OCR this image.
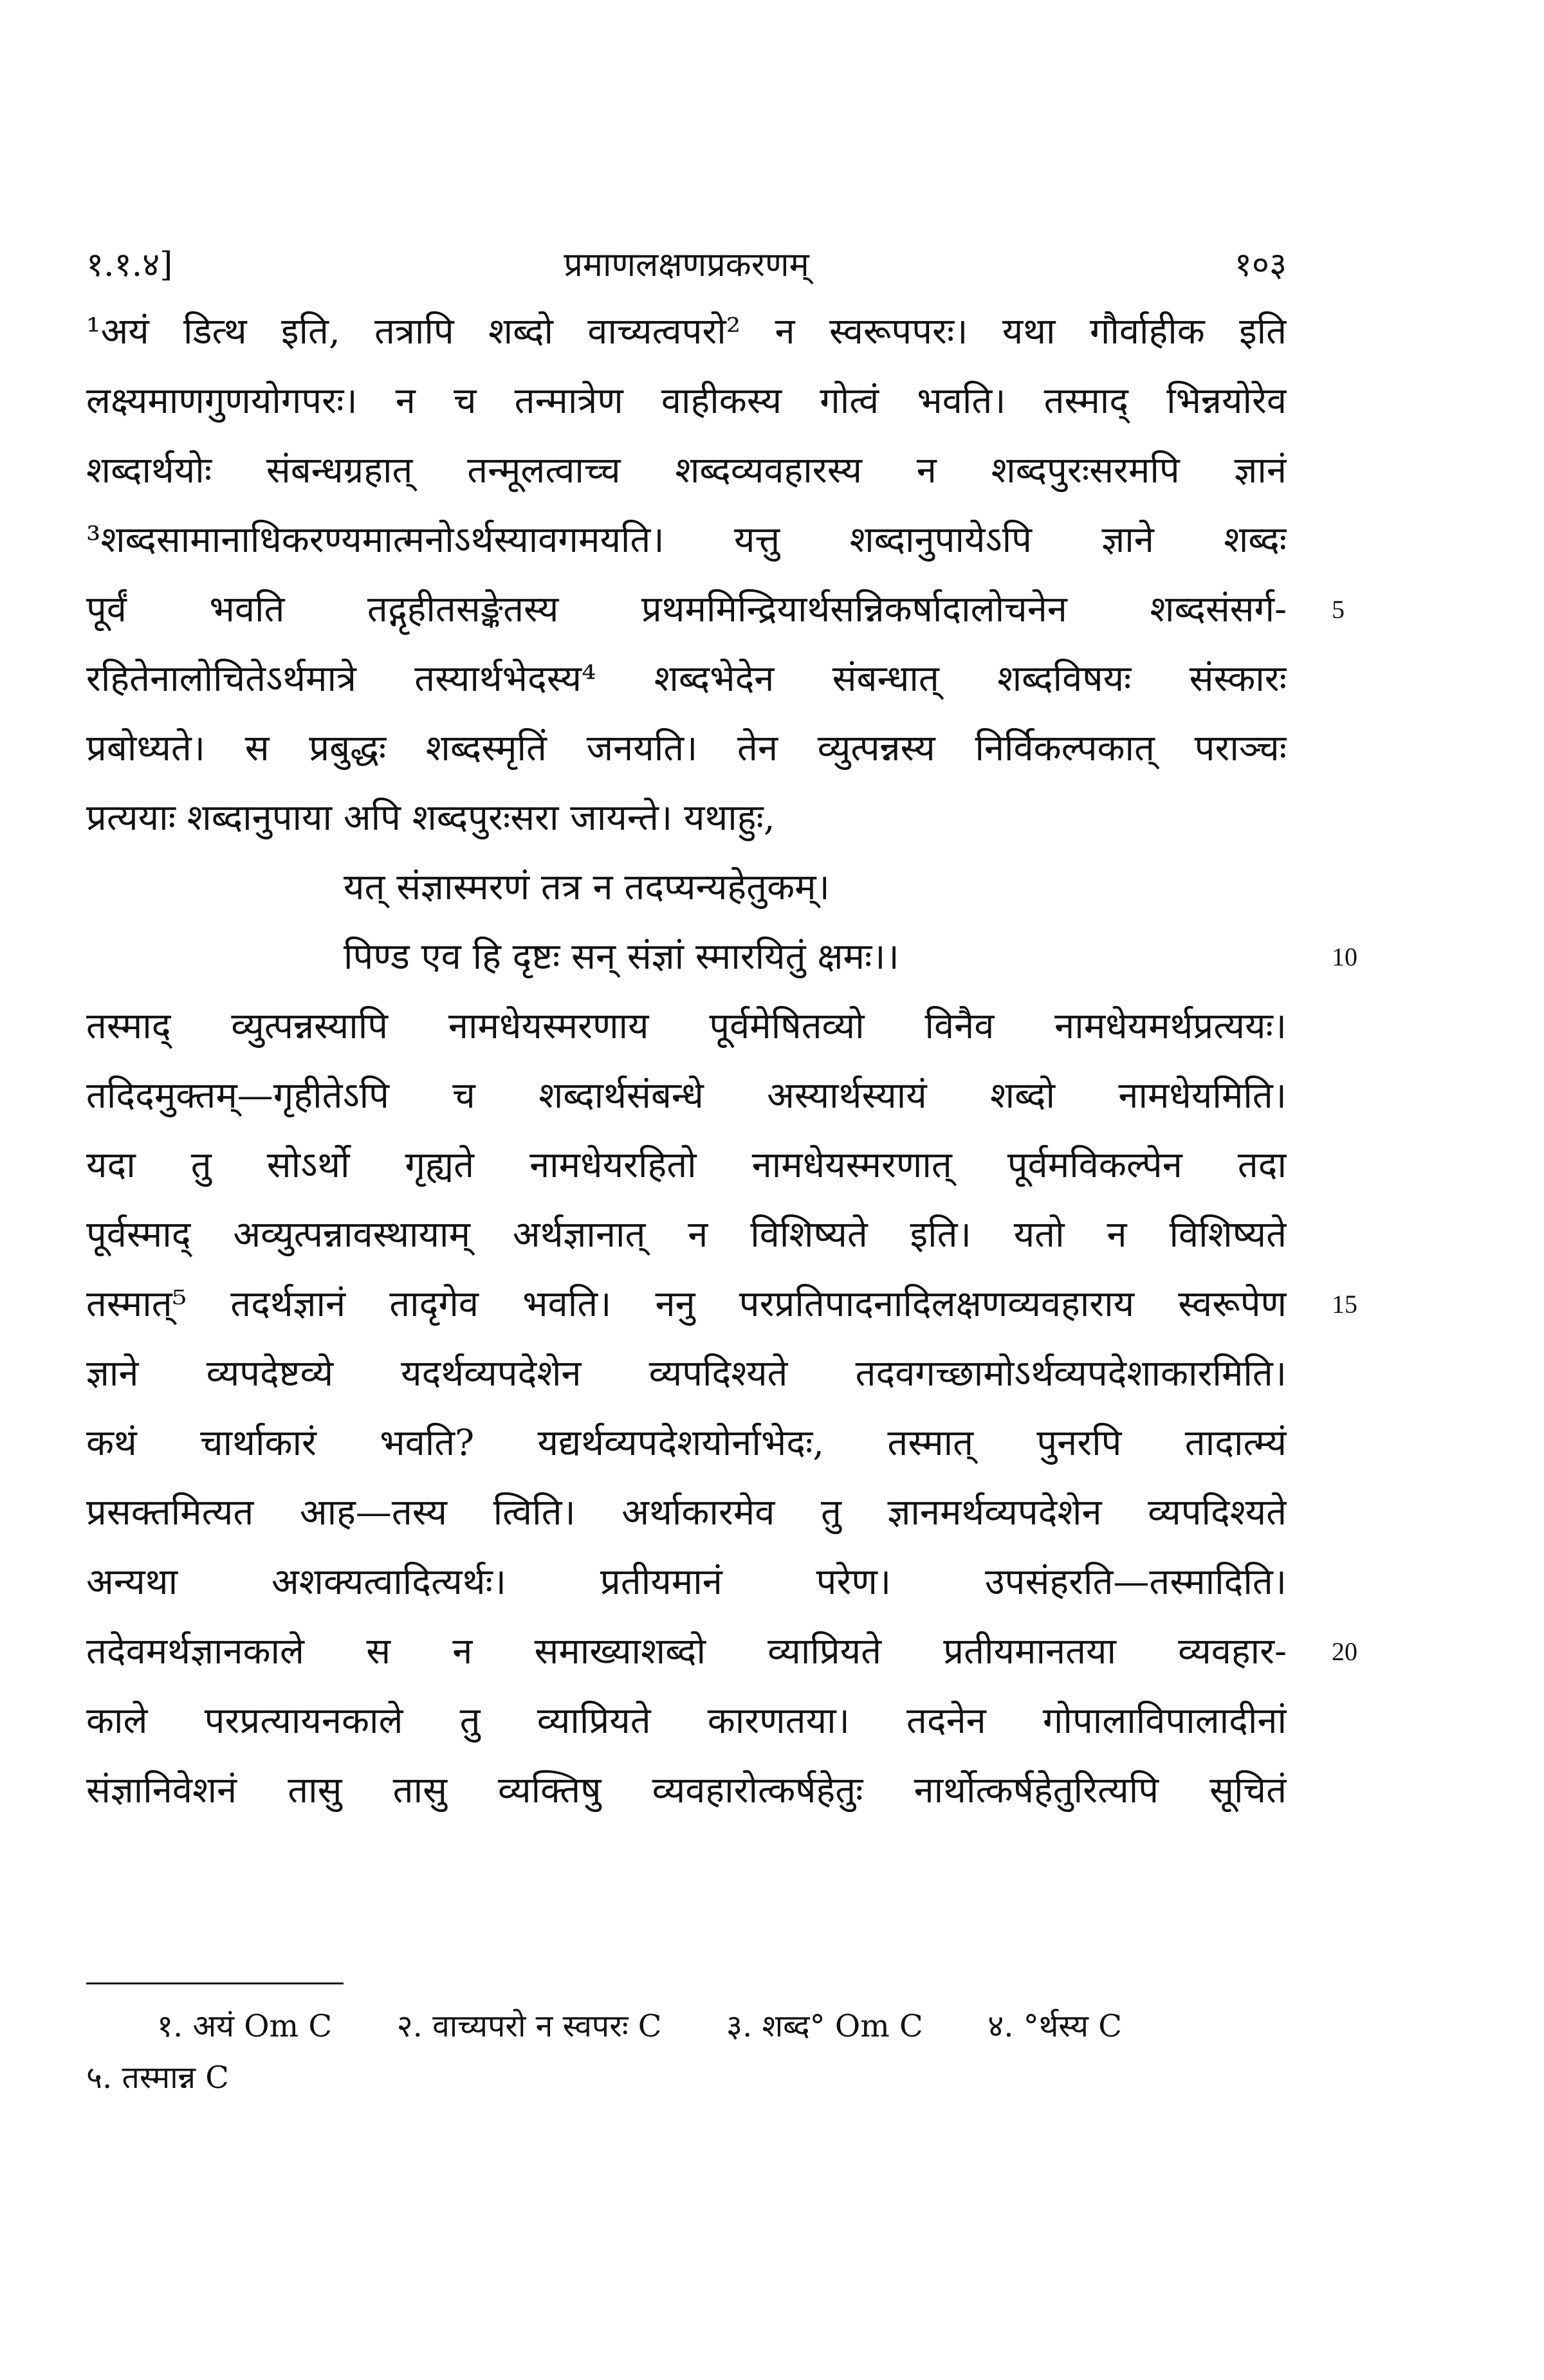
१.१.४]	प्रमाणलक्षणप्रकरणम्	१०३
¹अयं डित्थ इति, तत्रापि शब्दो वाच्यत्वपरो² न स्वरूपपरः। यथा गौर्वाहीक इति
लक्ष्यमाणगुणयोगपरः। न च तन्मात्रेण वाहीकस्य गोत्वं भवति। तस्माद् भिन्नयोरेव
शब्दार्थयोः संबन्धग्रहात् तन्मूलत्वाच्च शब्दव्यवहारस्य न शब्दपुरःसरमपि ज्ञानं
³शब्दसामानाधिकरण्यमात्मनोऽर्थस्यावगमयति। यत्तु शब्दानुपायेऽपि ज्ञाने शब्दः
पूर्वं भवति तद्गृहीतसङ्केतस्य प्रथममिन्द्रियार्थसन्निकर्षादालोचनेन शब्दसंसर्ग-
रहितेनालोचितेऽर्थमात्रे तस्यार्थभेदस्य⁴ शब्दभेदेन संबन्धात् शब्दविषयः संस्कारः
प्रबोध्यते। स प्रबुद्धः शब्दस्मृतिं जनयति। तेन व्युत्पन्नस्य निर्विकल्पकात् पराञ्चः
प्रत्ययाः शब्दानुपाया अपि शब्दपुरःसरा जायन्ते। यथाहुः,
यत् संज्ञास्मरणं तत्र न तदप्यन्यहेतुकम्।
पिण्ड एव हि दृष्टः सन् संज्ञां स्मारयितुं क्षमः।।
तस्माद् व्युत्पन्नस्यापि नामधेयस्मरणाय पूर्वमेषितव्यो विनैव नामधेयमर्थप्रत्ययः।
तदिदमुक्तम्—गृहीतेऽपि च शब्दार्थसंबन्धे अस्यार्थस्यायं शब्दो नामधेयमिति।
यदा तु सोऽर्थो गृह्यते नामधेयरहितो नामधेयस्मरणात् पूर्वमविकल्पेन तदा
पूर्वस्माद् अव्युत्पन्नावस्थायाम् अर्थज्ञानात् न विशिष्यते इति। यतो न विशिष्यते
तस्मात्⁵ तदर्थज्ञानं तादृगेव भवति। ननु परप्रतिपादनादिलक्षणव्यवहाराय स्वरूपेण
ज्ञाने व्यपदेष्टव्ये यदर्थव्यपदेशेन व्यपदिश्यते तदवगच्छामोऽर्थव्यपदेशाकारमिति।
कथं चार्थाकारं भवति? यद्यर्थव्यपदेशयोर्नाभेदः, तस्मात् पुनरपि तादात्म्यं
प्रसक्तमित्यत आह—तस्य त्विति। अर्थाकारमेव तु ज्ञानमर्थव्यपदेशेन व्यपदिश्यते
अन्यथा अशक्यत्वादित्यर्थः। प्रतीयमानं परेण। उपसंहरति—तस्मादिति।
तदेवमर्थज्ञानकाले स न समाख्याशब्दो व्याप्रियते प्रतीयमानतया व्यवहार-
काले परप्रत्यायनकाले तु व्याप्रियते कारणतया। तदनेन गोपालाविपालादीनां
संज्ञानिवेशनं तासु तासु व्यक्तिषु व्यवहारोत्कर्षहेतुः नार्थोत्कर्षहेतुरित्यपि सूचितं
5
10
15
20
१. अयं Om C २. वाच्यपरो न स्वपरः C ३. शब्द° Om C ४. °र्थस्य C
५. तस्मान्न C
